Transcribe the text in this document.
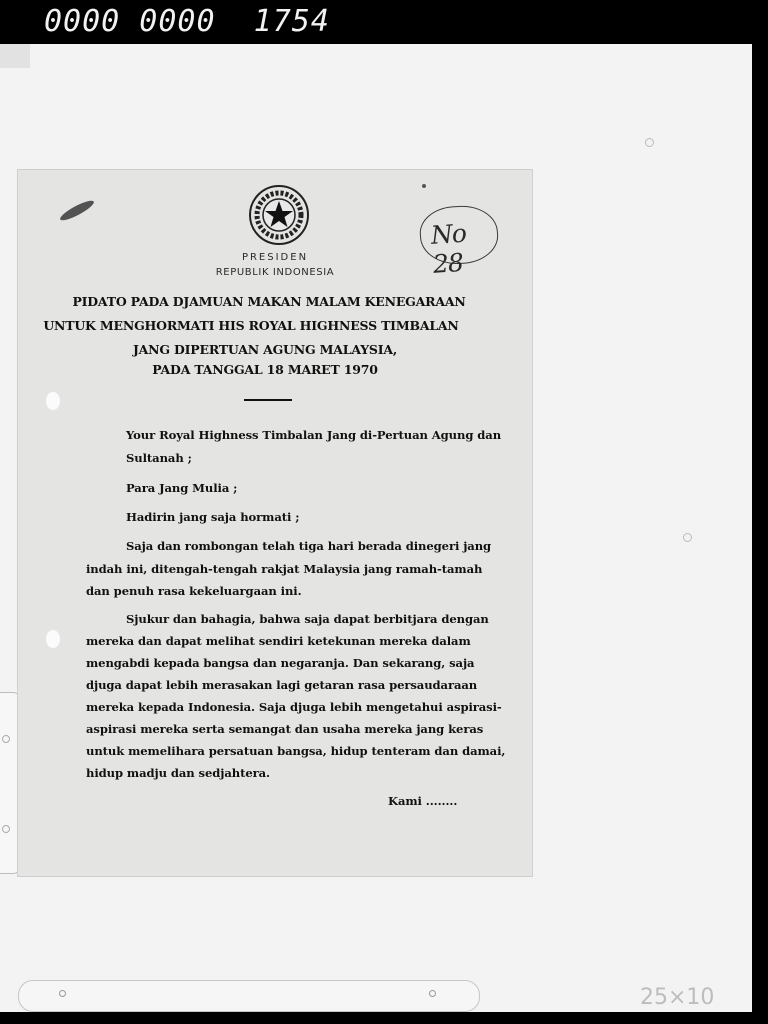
0000 0000  1754
25×10
PRESIDEN
REPUBLIK INDONESIA
No 28
PIDATO PADA DJAMUAN MAKAN MALAM KENEGARAAN
UNTUK MENGHORMATI HIS ROYAL HIGHNESS TIMBALAN
JANG DIPERTUAN AGUNG MALAYSIA,
PADA TANGGAL 18 MARET 1970
Your Royal Highness Timbalan Jang di-Pertuan Agung dan
Sultanah ;
Para Jang Mulia ;
Hadirin jang saja hormati ;
Saja dan rombongan telah tiga hari berada dinegeri jang
indah ini, ditengah-tengah rakjat Malaysia jang ramah-tamah
dan penuh rasa kekeluargaan ini.
Sjukur dan bahagia, bahwa saja dapat berbitjara dengan
mereka dan dapat melihat sendiri ketekunan mereka dalam
mengabdi kepada bangsa dan negaranja. Dan sekarang, saja
djuga dapat lebih merasakan lagi getaran rasa persaudaraan
mereka kepada Indonesia. Saja djuga lebih mengetahui aspirasi-
aspirasi mereka serta semangat dan usaha mereka jang keras
untuk memelihara persatuan bangsa, hidup tenteram dan damai,
hidup madju dan sedjahtera.
Kami ........
